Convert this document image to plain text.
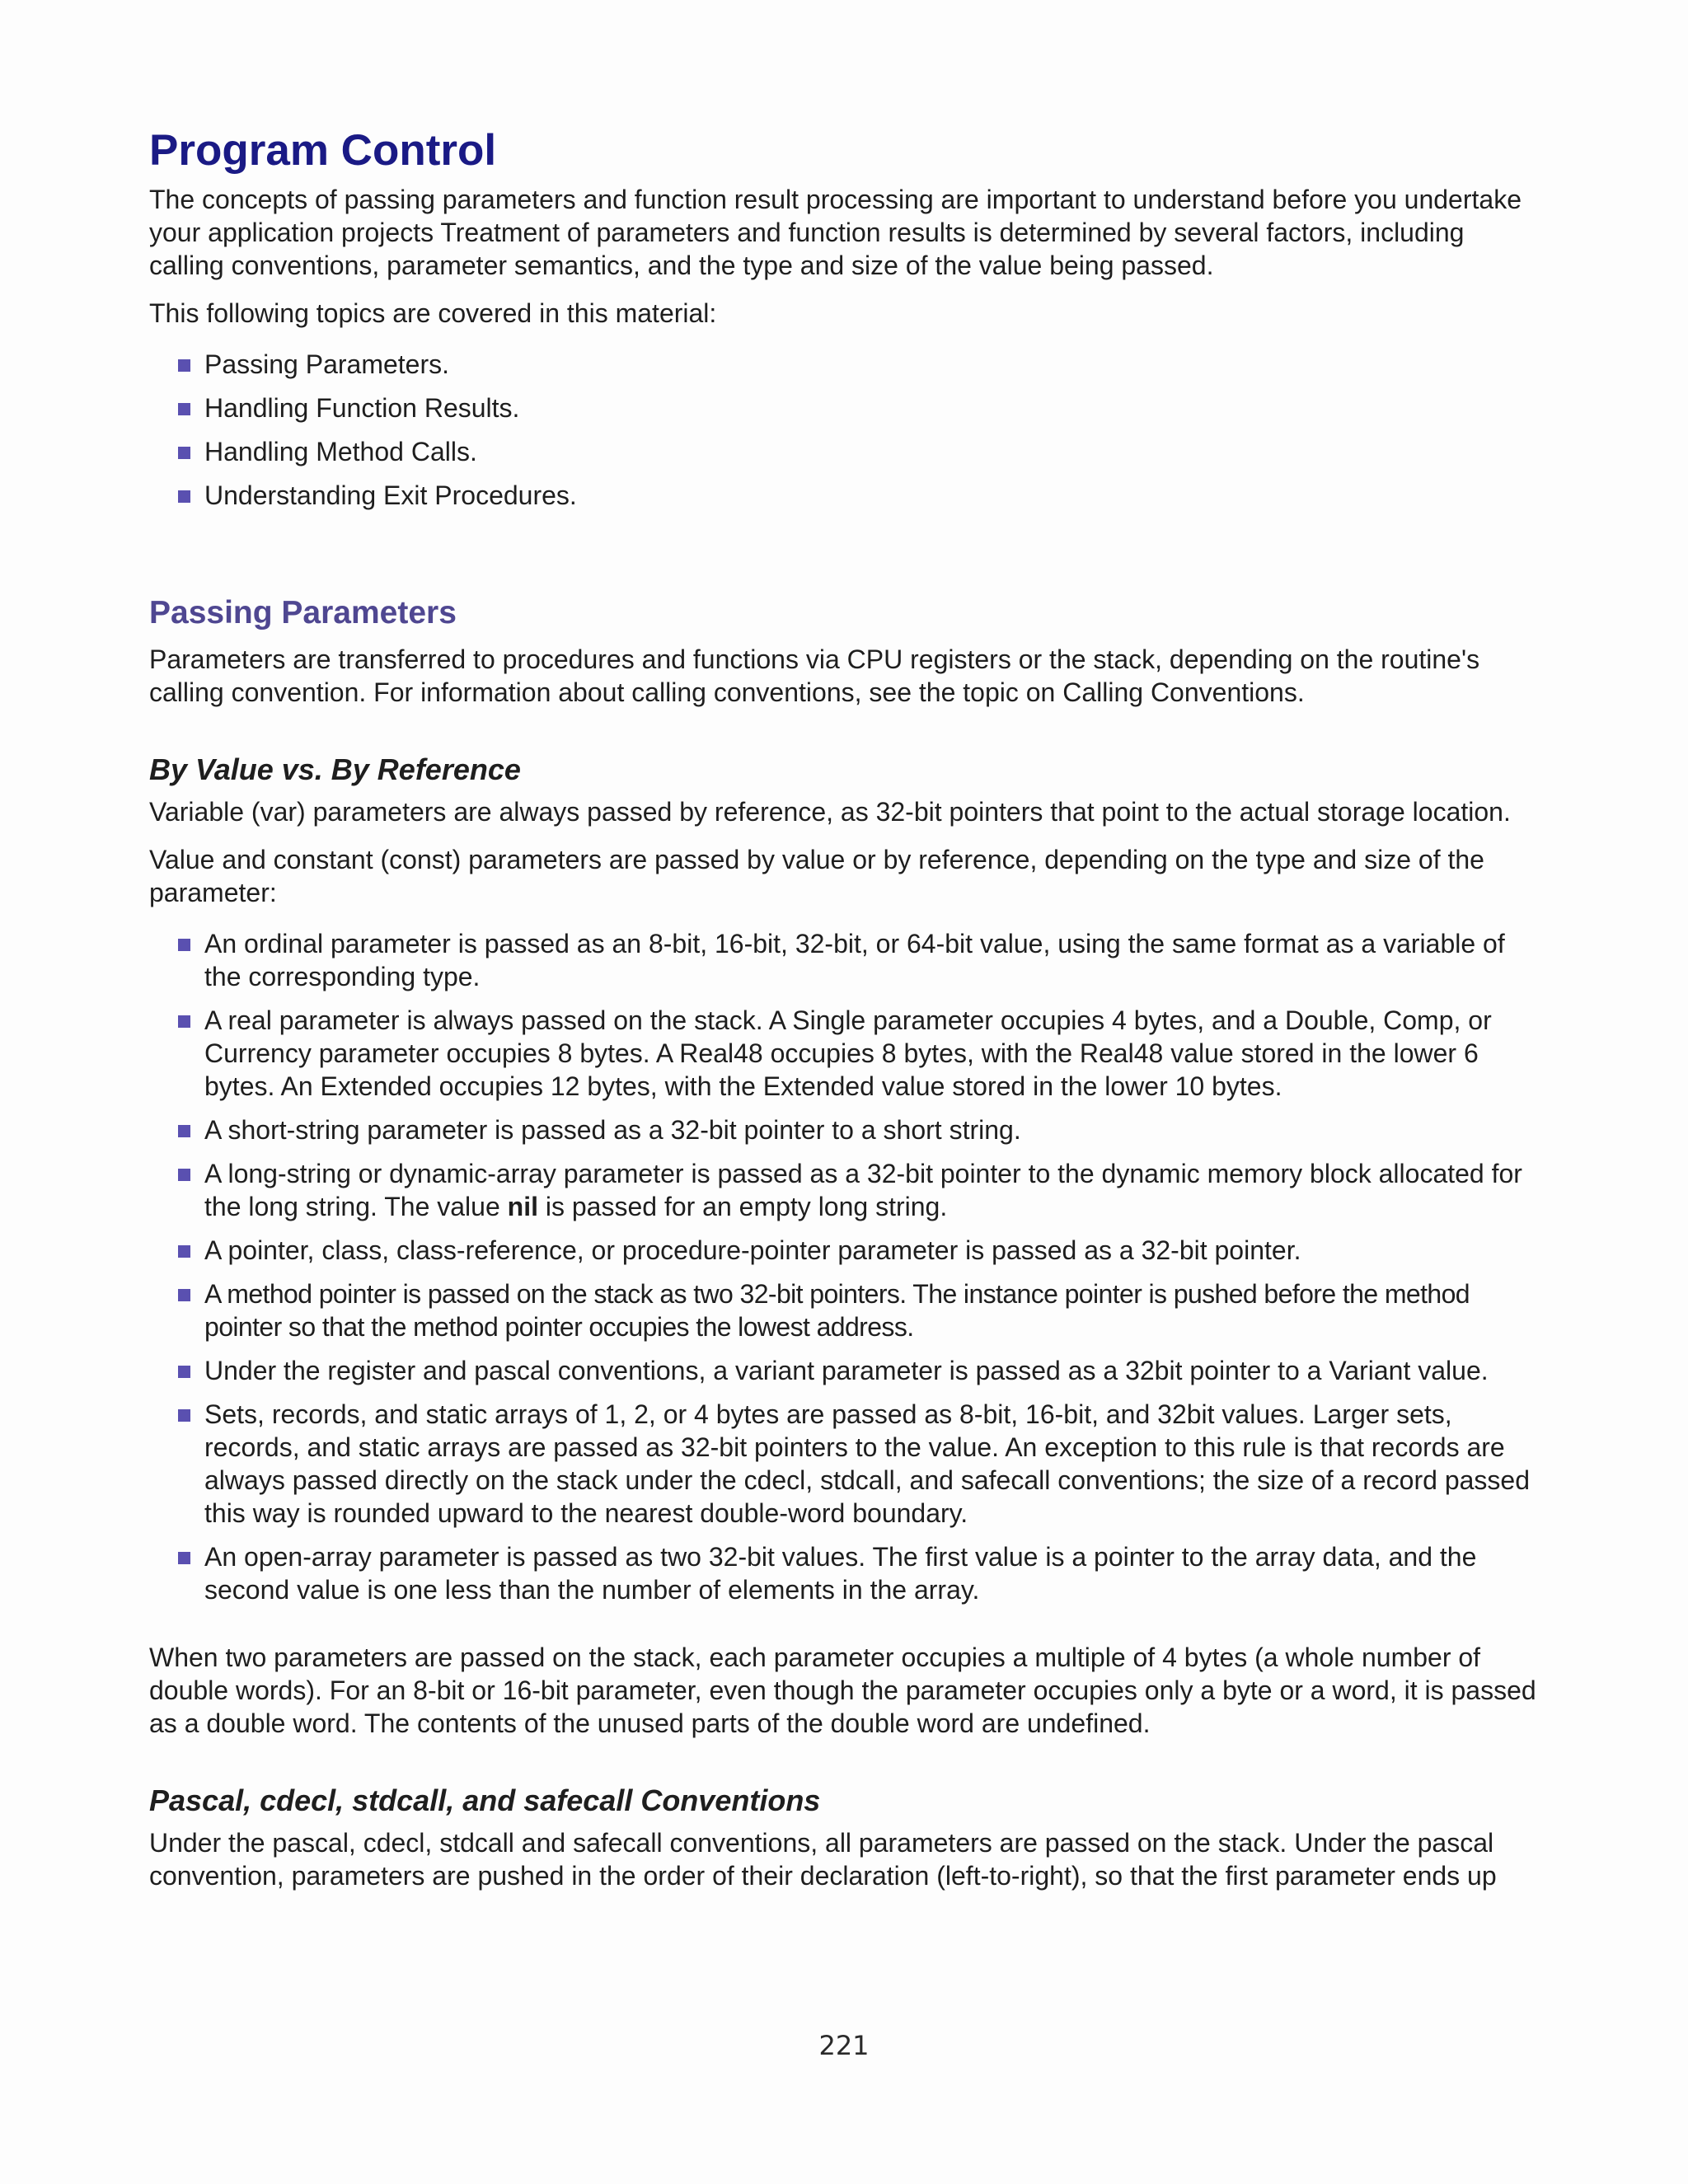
Program Control

The concepts of passing parameters and function result processing are important to understand before you undertake your application projects Treatment of parameters and function results is determined by several factors, including calling conventions, parameter semantics, and the type and size of the value being passed.

This following topics are covered in this material:

Passing Parameters.
Handling Function Results.
Handling Method Calls.
Understanding Exit Procedures.
Passing Parameters

Parameters are transferred to procedures and functions via CPU registers or the stack, depending on the routine's calling convention. For information about calling conventions, see the topic on Calling Conventions.

By Value vs. By Reference

Variable (var) parameters are always passed by reference, as 32-bit pointers that point to the actual storage location.

Value and constant (const) parameters are passed by value or by reference, depending on the type and size of the parameter:

An ordinal parameter is passed as an 8-bit, 16-bit, 32-bit, or 64-bit value, using the same format as a variable of the corresponding type.
A real parameter is always passed on the stack. A Single parameter occupies 4 bytes, and a Double, Comp, or Currency parameter occupies 8 bytes. A Real48 occupies 8 bytes, with the Real48 value stored in the lower 6 bytes. An Extended occupies 12 bytes, with the Extended value stored in the lower 10 bytes.
A short-string parameter is passed as a 32-bit pointer to a short string.
A long-string or dynamic-array parameter is passed as a 32-bit pointer to the dynamic memory block allocated for the long string. The value nil is passed for an empty long string.
A pointer, class, class-reference, or procedure-pointer parameter is passed as a 32-bit pointer.
A method pointer is passed on the stack as two 32-bit pointers. The instance pointer is pushed before the method pointer so that the method pointer occupies the lowest address.
Under the register and pascal conventions, a variant parameter is passed as a 32bit pointer to a Variant value.
Sets, records, and static arrays of 1, 2, or 4 bytes are passed as 8-bit, 16-bit, and 32bit values. Larger sets, records, and static arrays are passed as 32-bit pointers to the value. An exception to this rule is that records are always passed directly on the stack under the cdecl, stdcall, and safecall conventions; the size of a record passed this way is rounded upward to the nearest double-word boundary.
An open-array parameter is passed as two 32-bit values. The first value is a pointer to the array data, and the second value is one less than the number of elements in the array.

When two parameters are passed on the stack, each parameter occupies a multiple of 4 bytes (a whole number of double words). For an 8-bit or 16-bit parameter, even though the parameter occupies only a byte or a word, it is passed as a double word. The contents of the unused parts of the double word are undefined.

Pascal, cdecl, stdcall, and safecall Conventions

Under the pascal, cdecl, stdcall and safecall conventions, all parameters are passed on the stack. Under the pascal convention, parameters are pushed in the order of their declaration (left-to-right), so that the first parameter ends up

221
